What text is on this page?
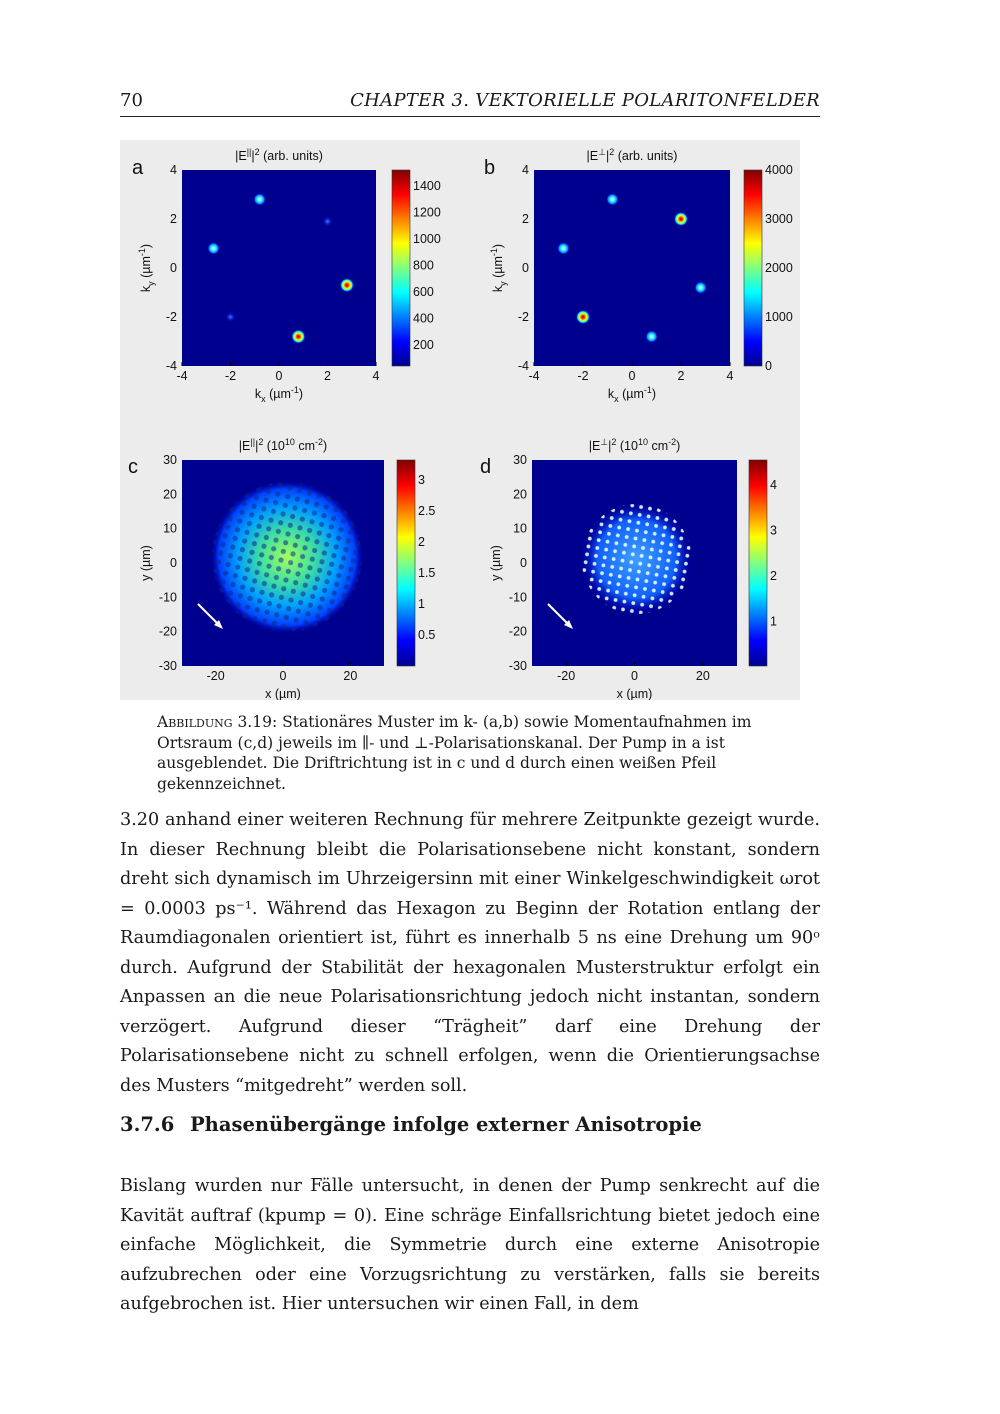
70	CHAPTER 3. VEKTORIELLE POLARITONFELDER
a
$|E^{||}|^2$ (arb. units)
-4	-2	0	2	4
4
2
0
-2
-4
$k_x$ (µm$^{-1}$)
$k_y$ (µm$^{-1}$)
1400
1200
1000
800
600
400
200
b
$|E^\perp|^2$ (arb. units)
-4	-2	0	2	4
4
2
0
-2
-4
$k_x$ (µm$^{-1}$)
$k_y$ (µm$^{-1}$)
4000
3000
2000
1000
0
c
$|E^{||}|^2$ ($10^{10}$ $cm^{-2}$)
-20	0	20
30
20
10
0
-10
-20
-30
x (µm)
y (µm)
3
2.5
2
1.5
1
0.5
d
$|E^\perp|^2$ ($10^{10}$ $cm^{-2}$)
-20	0	20
30
20
10
0
-10
-20
-30
x (µm)
y (µm)
4
3
2
1
Abbildung 3.19: Stationäres Muster im k- (a,b) sowie Momentaufnahmen im Ortsraum (c,d) jeweils im ∥- und ⊥-Polarisationskanal. Der Pump in a ist ausgeblendet. Die Driftrichtung ist in c und d durch einen weißen Pfeil gekennzeichnet.
3.20 anhand einer weiteren Rechnung für mehrere Zeitpunkte gezeigt wurde. In dieser Rechnung bleibt die Polarisationsebene nicht konstant, sondern dreht sich dynamisch im Uhrzeigersinn mit einer Winkelgeschwindigkeit ωrot = 0.0003 ps⁻¹. Während das Hexagon zu Beginn der Rotation entlang der Raumdiagonalen orientiert ist, führt es innerhalb 5 ns eine Drehung um 90ᵒ durch. Aufgrund der Stabilität der hexagonalen Musterstruktur erfolgt ein Anpassen an die neue Polarisationsrichtung jedoch nicht instantan, sondern verzögert. Aufgrund dieser “Trägheit” darf eine Drehung der Polarisationsebene nicht zu schnell erfolgen, wenn die Orientierungsachse des Musters “mitgedreht” werden soll.
3.7.6 Phasenübergänge infolge externer Anisotropie
Bislang wurden nur Fälle untersucht, in denen der Pump senkrecht auf die Kavität auftraf (kpump = 0). Eine schräge Einfallsrichtung bietet jedoch eine einfache Möglichkeit, die Symmetrie durch eine externe Anisotropie aufzubrechen oder eine Vorzugsrichtung zu verstärken, falls sie bereits aufgebrochen ist. Hier untersuchen wir einen Fall, in dem
